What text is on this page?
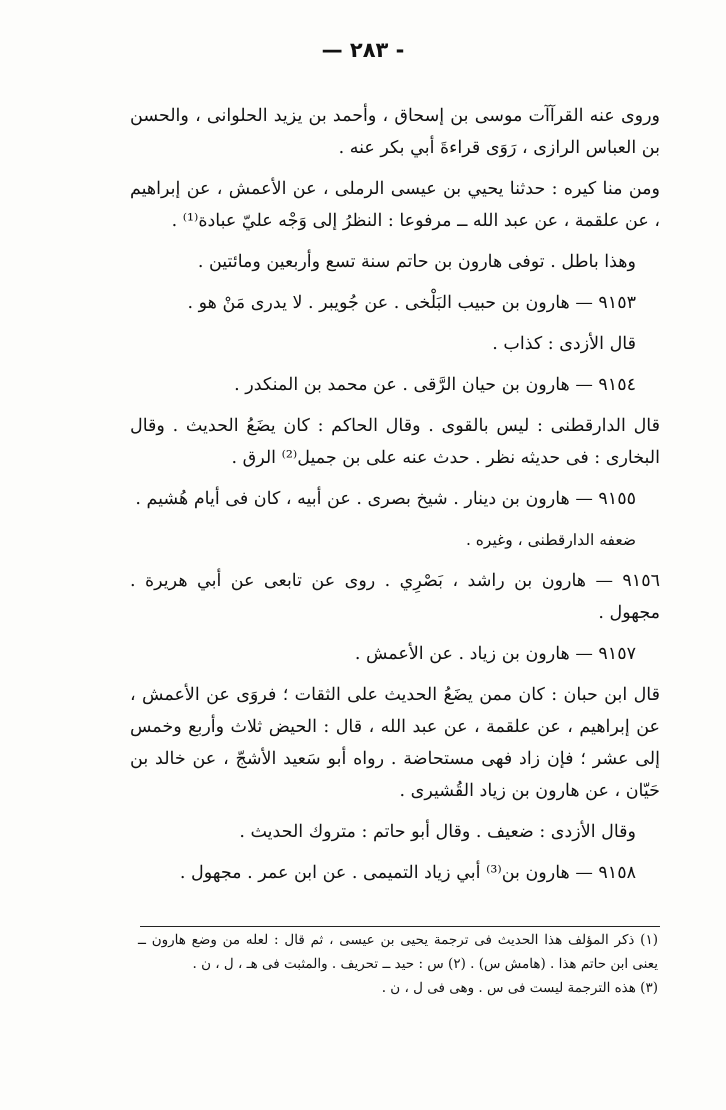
— ٢٨٣ -

وروى عنه القرآآت موسى بن إسحاق ، وأحمد بن يزيد الحلوانى ، والحسن بن العباس الرازى ، رَوَى قراءةَ أبي بكر عنه .

ومن منا كيره : حدثنا يحيي بن عيسى الرملى ، عن الأعمش ، عن إبراهيم ، عن علقمة ، عن عبد الله ــ مرفوعا : النظرُ إلى وَجْه عليّ عبادة⁽¹⁾ .

وهذا باطل . توفى هارون بن حاتم سنة تسع وأربعين ومائتين .

٩١٥٣ — هارون بن حبيب البَلْخى . عن جُويبر . لا يدرى مَنْ هو .

قال الأزدى : كذاب .

٩١٥٤ — هارون بن حيان الرَّقى . عن محمد بن المنكدر .

قال الدارقطنى : ليس بالقوى . وقال الحاكم : كان يضَعُ الحديث . وقال البخارى : فى حديثه نظر . حدث عنه على بن جميل⁽²⁾ الرق .

٩١٥٥ — هارون بن دينار . شيخ بصرى . عن أبيه ، كان فى أيام هُشيم .

ضعفه الدارقطنى ، وغيره .

٩١٥٦ — هارون بن راشد ، بَصْرِي . روى عن تابعى عن أبي هريرة . مجهول .

٩١٥٧ — هارون بن زياد . عن الأعمش .

قال ابن حبان : كان ممن يضَعُ الحديث على الثقات ؛ فروَى عن الأعمش ، عن إبراهيم ، عن علقمة ، عن عبد الله ، قال : الحيض ثلاث وأربع وخمس إلى عشر ؛ فإن زاد فهى مستحاضة . رواه أبو سَعيد الأشجّ ، عن خالد بن حَيّان ، عن هارون بن زياد القُشيرى .

وقال الأزدى : ضعيف . وقال أبو حاتم : متروك الحديث .

٩١٥٨ — هارون بن⁽³⁾ أبي زياد التميمى . عن ابن عمر . مجهول .

(١) ذكر المؤلف هذا الحديث فى ترجمة يحيى بن عيسى ، ثم قال : لعله من وضع هارون ــ يعنى ابن حاتم هذا . (هامش س) . (٢) س : حيد ــ تحريف . والمثبت فى هـ ، ل ، ن .

(٣) هذه الترجمة ليست فى س . وهى فى ل ، ن .
